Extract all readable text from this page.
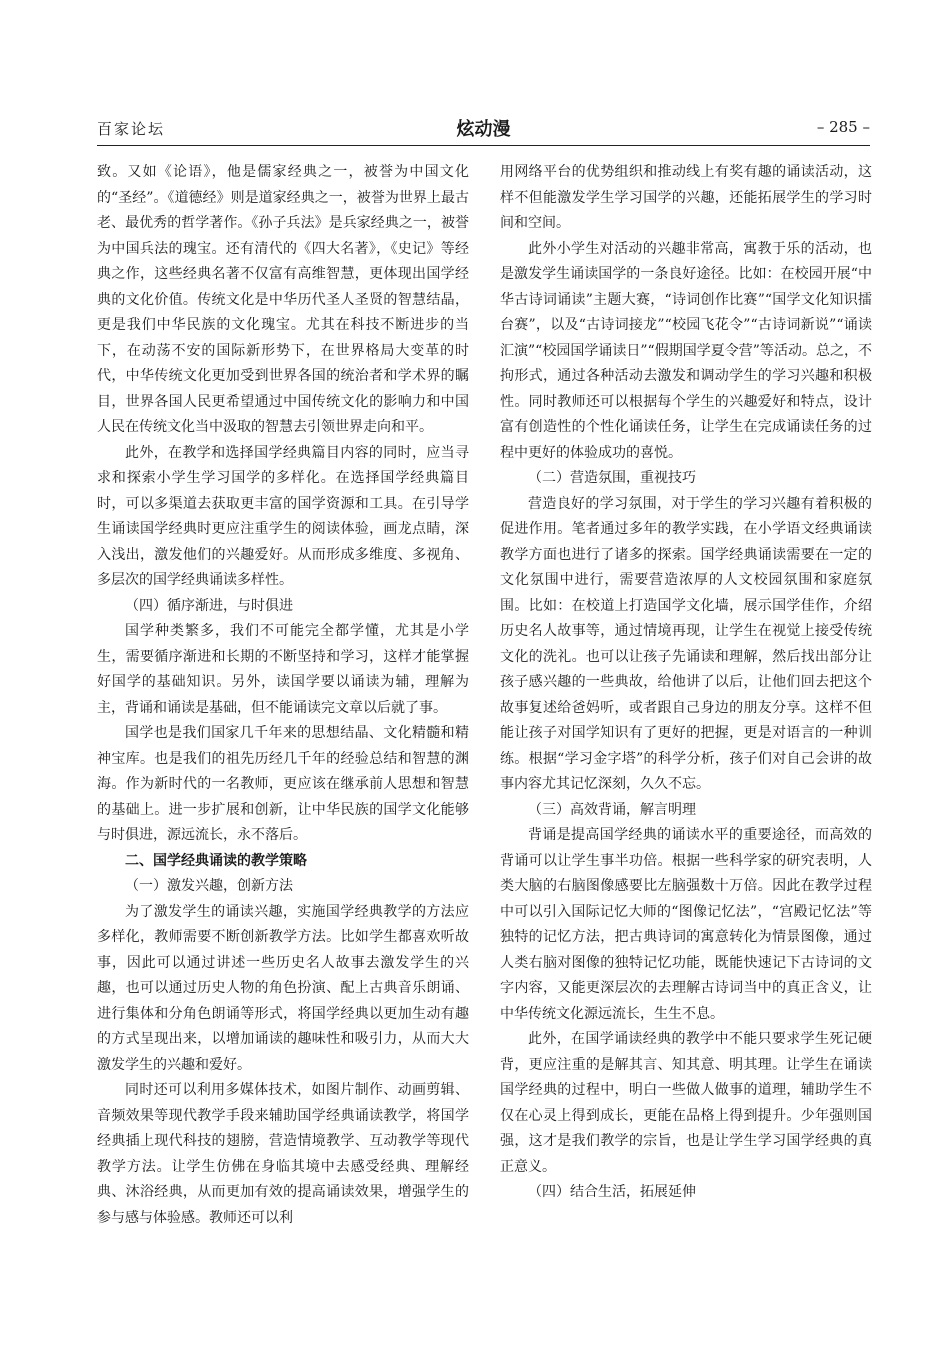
百家论坛	炫动漫	– 285 –

致。又如《论语》，他是儒家经典之一，被誉为中国文化的“圣经”。《道德经》则是道家经典之一，被誉为世界上最古老、最优秀的哲学著作。《孙子兵法》是兵家经典之一，被誉为中国兵法的瑰宝。还有清代的《四大名著》，《史记》等经典之作，这些经典名著不仅富有高维智慧，更体现出国学经典的文化价值。传统文化是中华历代圣人圣贤的智慧结晶，更是我们中华民族的文化瑰宝。尤其在科技不断进步的当下，在动荡不安的国际新形势下，在世界格局大变革的时代，中华传统文化更加受到世界各国的统治者和学术界的瞩目，世界各国人民更希望通过中国传统文化的影响力和中国人民在传统文化当中汲取的智慧去引领世界走向和平。

此外，在教学和选择国学经典篇目内容的同时，应当寻求和探索小学生学习国学的多样化。在选择国学经典篇目时，可以多渠道去获取更丰富的国学资源和工具。在引导学生诵读国学经典时更应注重学生的阅读体验，画龙点睛，深入浅出，激发他们的兴趣爱好。从而形成多维度、多视角、多层次的国学经典诵读多样性。

（四）循序渐进，与时俱进

国学种类繁多，我们不可能完全都学懂，尤其是小学生，需要循序渐进和长期的不断坚持和学习，这样才能掌握好国学的基础知识。另外，读国学要以诵读为辅，理解为主，背诵和诵读是基础，但不能诵读完文章以后就了事。

国学也是我们国家几千年来的思想结晶、文化精髓和精神宝库。也是我们的祖先历经几千年的经验总结和智慧的渊海。作为新时代的一名教师，更应该在继承前人思想和智慧的基础上。进一步扩展和创新，让中华民族的国学文化能够与时俱进，源远流长，永不落后。

二、国学经典诵读的教学策略
（一）激发兴趣，创新方法

为了激发学生的诵读兴趣，实施国学经典教学的方法应多样化，教师需要不断创新教学方法。比如学生都喜欢听故事，因此可以通过讲述一些历史名人故事去激发学生的兴趣，也可以通过历史人物的角色扮演、配上古典音乐朗诵、进行集体和分角色朗诵等形式，将国学经典以更加生动有趣的方式呈现出来，以增加诵读的趣味性和吸引力，从而大大激发学生的兴趣和爱好。

同时还可以利用多媒体技术，如图片制作、动画剪辑、音频效果等现代教学手段来辅助国学经典诵读教学，将国学经典插上现代科技的翅膀，营造情境教学、互动教学等现代教学方法。让学生仿佛在身临其境中去感受经典、理解经典、沐浴经典，从而更加有效的提高诵读效果，增强学生的参与感与体验感。教师还可以利

用网络平台的优势组织和推动线上有奖有趣的诵读活动，这样不但能激发学生学习国学的兴趣，还能拓展学生的学习时间和空间。

此外小学生对活动的兴趣非常高，寓教于乐的活动，也是激发学生诵读国学的一条良好途径。比如：在校园开展“中华古诗词诵读”主题大赛，“诗词创作比赛”“国学文化知识擂台赛”，以及“古诗词接龙”“校园飞花令”“古诗词新说”“诵读汇演”“校园国学诵读日”“假期国学夏令营”等活动。总之，不拘形式，通过各种活动去激发和调动学生的学习兴趣和积极性。同时教师还可以根据每个学生的兴趣爱好和特点，设计富有创造性的个性化诵读任务，让学生在完成诵读任务的过程中更好的体验成功的喜悦。

（二）营造氛围，重视技巧

营造良好的学习氛围，对于学生的学习兴趣有着积极的促进作用。笔者通过多年的教学实践，在小学语文经典诵读教学方面也进行了诸多的探索。国学经典诵读需要在一定的文化氛围中进行，需要营造浓厚的人文校园氛围和家庭氛围。比如：在校道上打造国学文化墙，展示国学佳作，介绍历史名人故事等，通过情境再现，让学生在视觉上接受传统文化的洗礼。也可以让孩子先诵读和理解，然后找出部分让孩子感兴趣的一些典故，给他讲了以后，让他们回去把这个故事复述给爸妈听，或者跟自己身边的朋友分享。这样不但能让孩子对国学知识有了更好的把握，更是对语言的一种训练。根据“学习金字塔”的科学分析，孩子们对自己会讲的故事内容尤其记忆深刻，久久不忘。

（三）高效背诵，解言明理

背诵是提高国学经典的诵读水平的重要途径，而高效的背诵可以让学生事半功倍。根据一些科学家的研究表明，人类大脑的右脑图像感要比左脑强数十万倍。因此在教学过程中可以引入国际记忆大师的“图像记忆法”，“宫殿记忆法”等独特的记忆方法，把古典诗词的寓意转化为情景图像，通过人类右脑对图像的独特记忆功能，既能快速记下古诗词的文字内容，又能更深层次的去理解古诗词当中的真正含义，让中华传统文化源远流长，生生不息。

此外，在国学诵读经典的教学中不能只要求学生死记硬背，更应注重的是解其言、知其意、明其理。让学生在诵读国学经典的过程中，明白一些做人做事的道理，辅助学生不仅在心灵上得到成长，更能在品格上得到提升。少年强则国强，这才是我们教学的宗旨，也是让学生学习国学经典的真正意义。

（四）结合生活，拓展延伸
